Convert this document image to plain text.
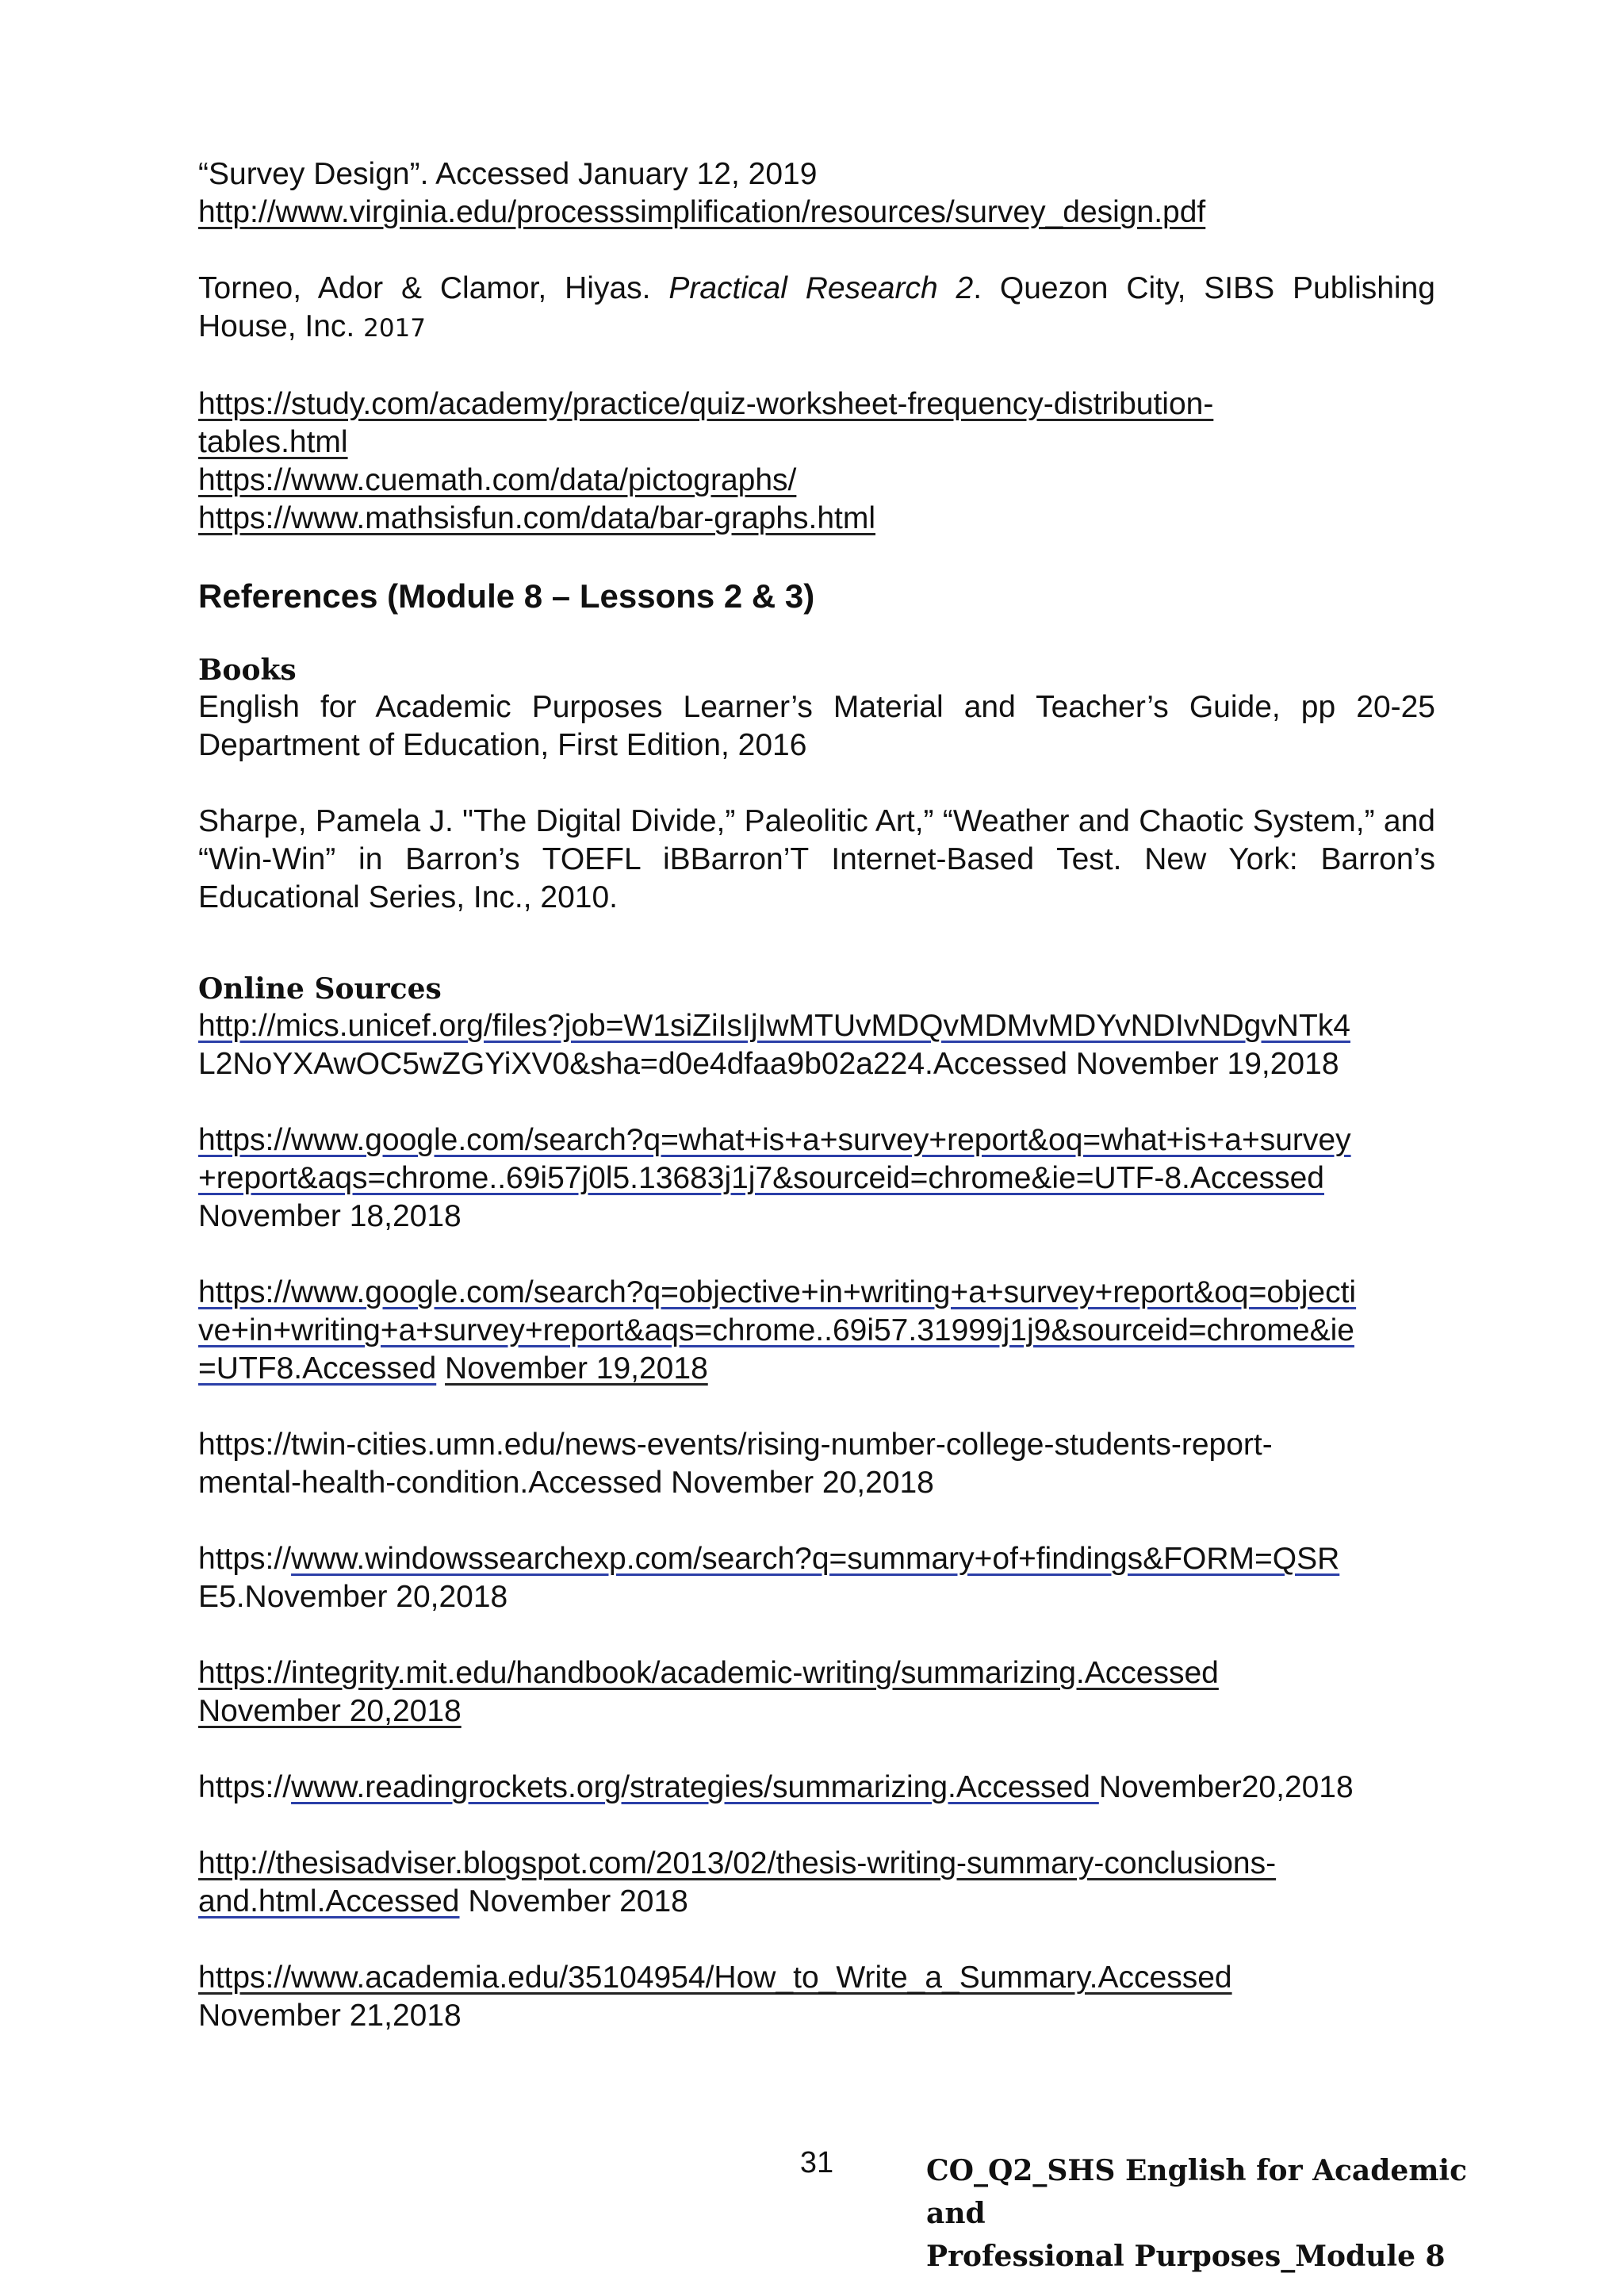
“Survey Design”. Accessed January 12, 2019

http://www.virginia.edu/processsimplification/resources/survey_design.pdf

Torneo, Ador & Clamor, Hiyas. Practical Research 2. Quezon City, SIBS Publishing House, Inc. 2017

https://study.com/academy/practice/quiz-worksheet-frequency-distribution-

tables.html

https://www.cuemath.com/data/pictographs/

https://www.mathsisfun.com/data/bar-graphs.html

References (Module 8 – Lessons 2 & 3)

Books

English for Academic Purposes Learner’s Material and Teacher’s Guide, pp 20-25

Department of Education, First Edition, 2016

Sharpe, Pamela J. "The Digital Divide,” Paleolitic Art,” “Weather and Chaotic System,” and “Win-Win” in Barron’s TOEFL iBBarron’T Internet-Based Test. New York: Barron’s Educational Series, Inc., 2010.

Online Sources

http://mics.unicef.org/files?job=W1siZiIsIjIwMTUvMDQvMDMvMDYvNDIvNDgvNTk4

L2NoYXAwOC5wZGYiXV0&sha=d0e4dfaa9b02a224.Accessed November 19,2018

https://www.google.com/search?q=what+is+a+survey+report&oq=what+is+a+survey

+report&aqs=chrome..69i57j0l5.13683j1j7&sourceid=chrome&ie=UTF-8.Accessed

November 18,2018

https://www.google.com/search?q=objective+in+writing+a+survey+report&oq=objecti

ve+in+writing+a+survey+report&aqs=chrome..69i57.31999j1j9&sourceid=chrome&ie

=UTF8.Accessed November 19,2018

https://twin-cities.umn.edu/news-events/rising-number-college-students-report-

mental-health-condition.Accessed November 20,2018

https://www.windowssearchexp.com/search?q=summary+of+findings&FORM=QSR

E5.November 20,2018

https://integrity.mit.edu/handbook/academic-writing/summarizing.Accessed

November 20,2018

https://www.readingrockets.org/strategies/summarizing.Accessed November20,2018

http://thesisadviser.blogspot.com/2013/02/thesis-writing-summary-conclusions-

and.html.Accessed November 2018

https://www.academia.edu/35104954/How_to_Write_a_Summary.Accessed

November 21,2018

31	CO_Q2_SHS English for Academic and
Professional Purposes_Module 8
